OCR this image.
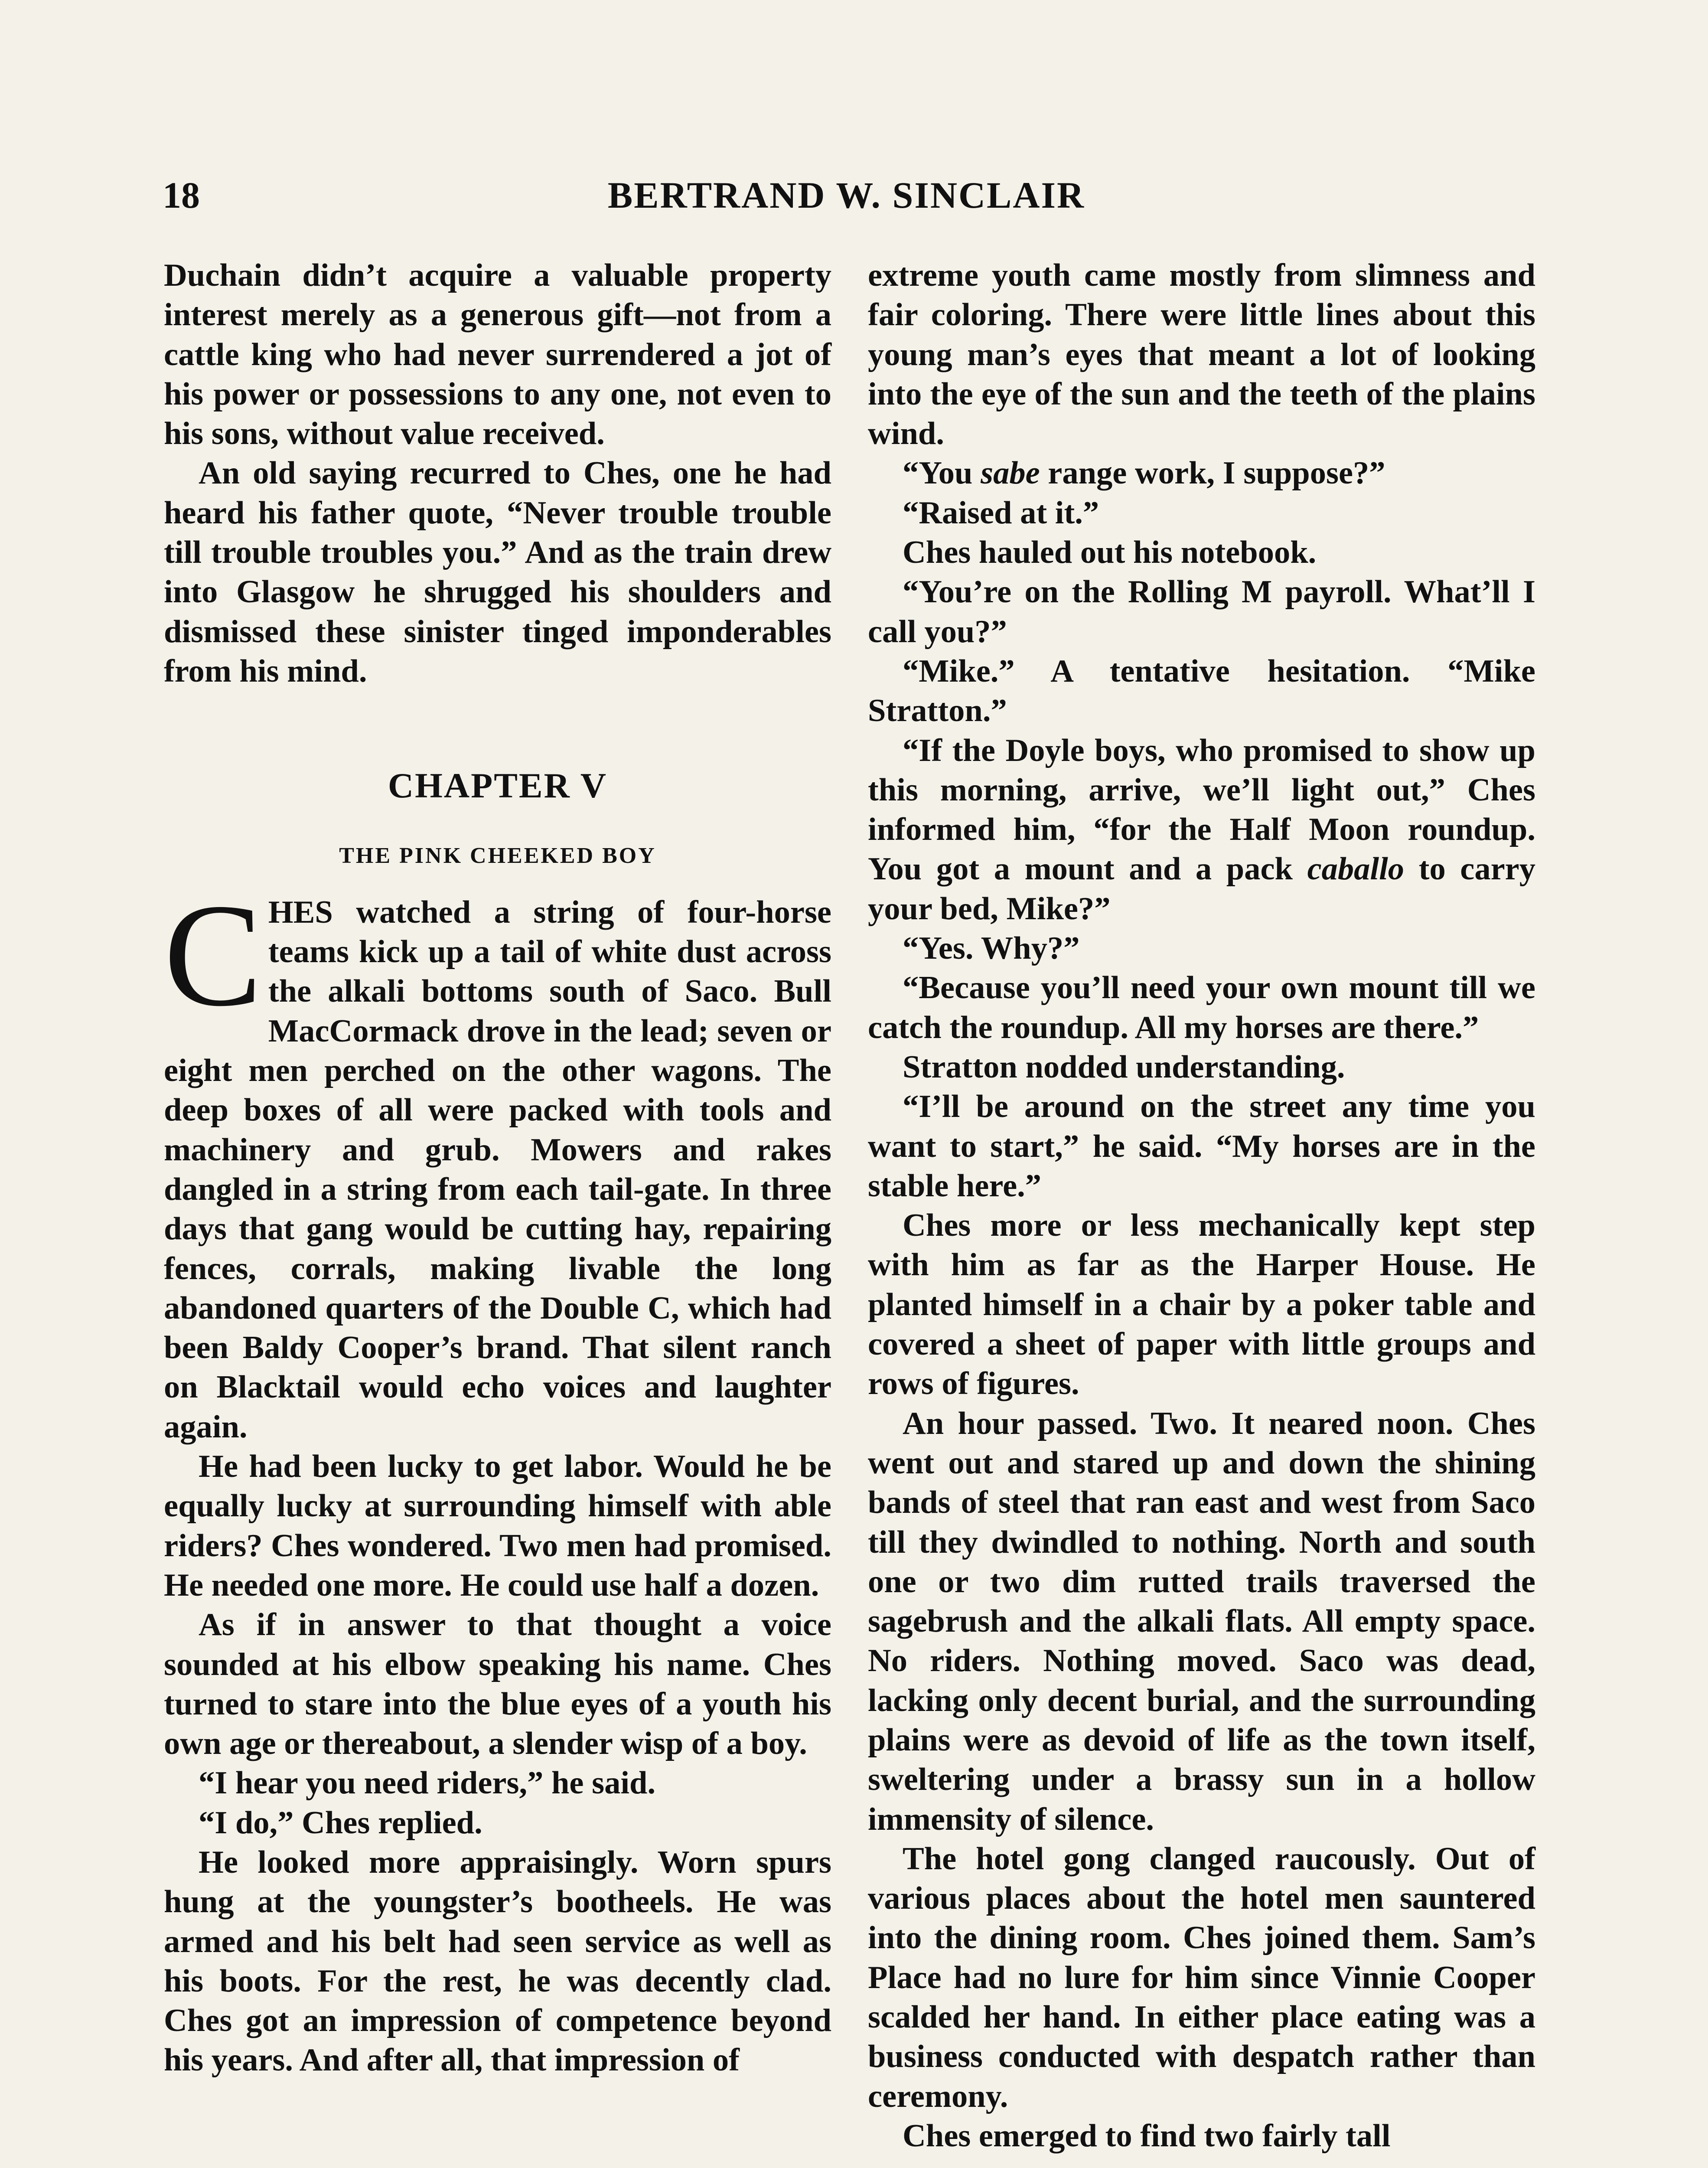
18	BERTRAND W. SINCLAIR

Duchain didn’t acquire a valuable property interest merely as a generous gift—not from a cattle king who had never surrendered a jot of his power or possessions to any one, not even to his sons, without value received.

An old saying recurred to Ches, one he had heard his father quote, “Never trouble trouble till trouble troubles you.” And as the train drew into Glasgow he shrugged his shoulders and dismissed these sinister tinged imponderables from his mind.

CHAPTER V
THE PINK CHEEKED BOY

CHES watched a string of four-horse teams kick up a tail of white dust across the alkali bottoms south of Saco. Bull MacCormack drove in the lead; seven or eight men perched on the other wagons. The deep boxes of all were packed with tools and machinery and grub. Mowers and rakes dangled in a string from each tail-gate. In three days that gang would be cutting hay, repairing fences, corrals, making livable the long abandoned quarters of the Double C, which had been Baldy Cooper’s brand. That silent ranch on Blacktail would echo voices and laughter again.

He had been lucky to get labor. Would he be equally lucky at surrounding himself with able riders? Ches wondered. Two men had promised. He needed one more. He could use half a dozen.

As if in answer to that thought a voice sounded at his elbow speaking his name. Ches turned to stare into the blue eyes of a youth his own age or thereabout, a slender wisp of a boy.

“I hear you need riders,” he said.

“I do,” Ches replied.

He looked more appraisingly. Worn spurs hung at the youngster’s bootheels. He was armed and his belt had seen service as well as his boots. For the rest, he was decently clad. Ches got an impression of competence beyond his years. And after all, that impression of

extreme youth came mostly from slimness and fair coloring. There were little lines about this young man’s eyes that meant a lot of looking into the eye of the sun and the teeth of the plains wind.

“You sabe range work, I suppose?”

“Raised at it.”

Ches hauled out his notebook.

“You’re on the Rolling M payroll. What’ll I call you?”

“Mike.” A tentative hesitation. “Mike Stratton.”

“If the Doyle boys, who promised to show up this morning, arrive, we’ll light out,” Ches informed him, “for the Half Moon roundup. You got a mount and a pack caballo to carry your bed, Mike?”

“Yes. Why?”

“Because you’ll need your own mount till we catch the roundup. All my horses are there.”

Stratton nodded understanding.

“I’ll be around on the street any time you want to start,” he said. “My horses are in the stable here.”

Ches more or less mechanically kept step with him as far as the Harper House. He planted himself in a chair by a poker table and covered a sheet of paper with little groups and rows of figures.

An hour passed. Two. It neared noon. Ches went out and stared up and down the shining bands of steel that ran east and west from Saco till they dwindled to nothing. North and south one or two dim rutted trails traversed the sagebrush and the alkali flats. All empty space. No riders. Nothing moved. Saco was dead, lacking only decent burial, and the surrounding plains were as devoid of life as the town itself, sweltering under a brassy sun in a hollow immensity of silence.

The hotel gong clanged raucously. Out of various places about the hotel men sauntered into the dining room. Ches joined them. Sam’s Place had no lure for him since Vinnie Cooper scalded her hand. In either place eating was a business conducted with despatch rather than ceremony.

Ches emerged to find two fairly tall
